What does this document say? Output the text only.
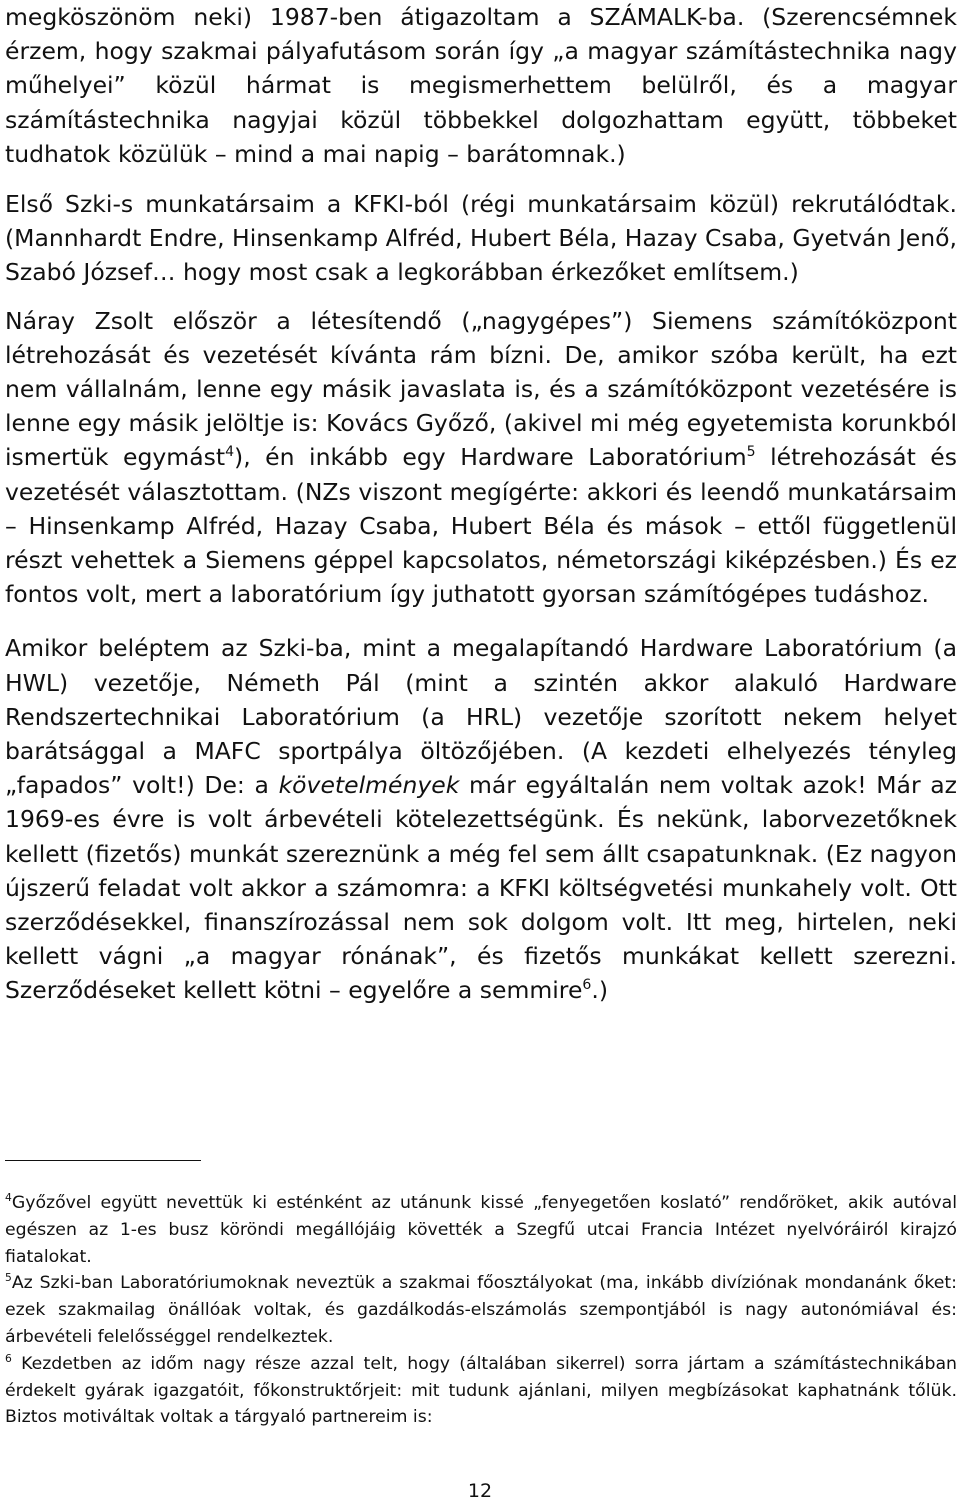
megköszönöm neki) 1987-ben átigazoltam a SZÁMALK-ba. (Szerencsémnek érzem, hogy szakmai pályafutásom során így „a magyar számítástechnika nagy műhelyei” közül hármat is megismerhettem belülről, és a magyar számítástechnika nagyjai közül többekkel dolgozhattam együtt, többeket tudhatok közülük – mind a mai napig – barátomnak.)

Első Szki-s munkatársaim a KFKI-ból (régi munkatársaim közül) rekrutálódtak. (Mannhardt Endre, Hinsenkamp Alfréd, Hubert Béla, Hazay Csaba, Gyetván Jenő, Szabó József… hogy most csak a legkorábban érkezőket említsem.)

Náray Zsolt először a létesítendő („nagygépes”) Siemens számítóközpont létrehozását és vezetését kívánta rám bízni. De, amikor szóba került, ha ezt nem vállalnám, lenne egy másik javaslata is, és a számítóközpont vezetésére is lenne egy másik jelöltje is: Kovács Győző, (akivel mi még egyetemista korunkból ismertük egymást$^4$), én inkább egy Hardware Laboratórium$^5$ létrehozását és vezetését választottam. (NZs viszont megígérte: akkori és leendő munkatársaim – Hinsenkamp Alfréd, Hazay Csaba, Hubert Béla és mások – ettől függetlenül részt vehettek a Siemens géppel kapcsolatos, németországi kiképzésben.) És ez fontos volt, mert a laboratórium így juthatott gyorsan számítógépes tudáshoz.

Amikor beléptem az Szki-ba, mint a megalapítandó Hardware Laboratórium (a HWL) vezetője, Németh Pál (mint a szintén akkor alakuló Hardware Rendszertechnikai Laboratórium (a HRL) vezetője szorított nekem helyet barátsággal a MAFC sportpálya öltözőjében. (A kezdeti elhelyezés tényleg „fapados” volt!) De: a követelmények már egyáltalán nem voltak azok! Már az 1969-es évre is volt árbevételi kötelezettségünk. És nekünk, laborvezetőknek kellett (fizetős) munkát szereznünk a még fel sem állt csapatunknak. (Ez nagyon újszerű feladat volt akkor a számomra: a KFKI költségvetési munkahely volt. Ott szerződésekkel, finanszírozással nem sok dolgom volt. Itt meg, hirtelen, neki kellett vágni „a magyar rónának”, és fizetős munkákat kellett szerezni. Szerződéseket kellett kötni – egyelőre a semmire$^6$.)

$^4$Győzővel együtt nevettük ki esténként az utánunk kissé „fenyegetően koslató” rendőröket, akik autóval egészen az 1-es busz köröndi megállójáig követték a Szegfű utcai Francia Intézet nyelvóráiról kirajzó fiatalokat.

$^5$Az Szki-ban Laboratóriumoknak neveztük a szakmai főosztályokat (ma, inkább divíziónak mondanánk őket: ezek szakmailag önállóak voltak, és gazdálkodás-elszámolás szempontjából is nagy autonómiával és: árbevételi felelősséggel rendelkeztek.

$^6$ Kezdetben az időm nagy része azzal telt, hogy (általában sikerrel) sorra jártam a számítástechnikában érdekelt gyárak igazgatóit, főkonstruktőrjeit: mit tudunk ajánlani, milyen megbízásokat kaphatnánk tőlük. Biztos motiváltak voltak a tárgyaló partnereim is:

12
